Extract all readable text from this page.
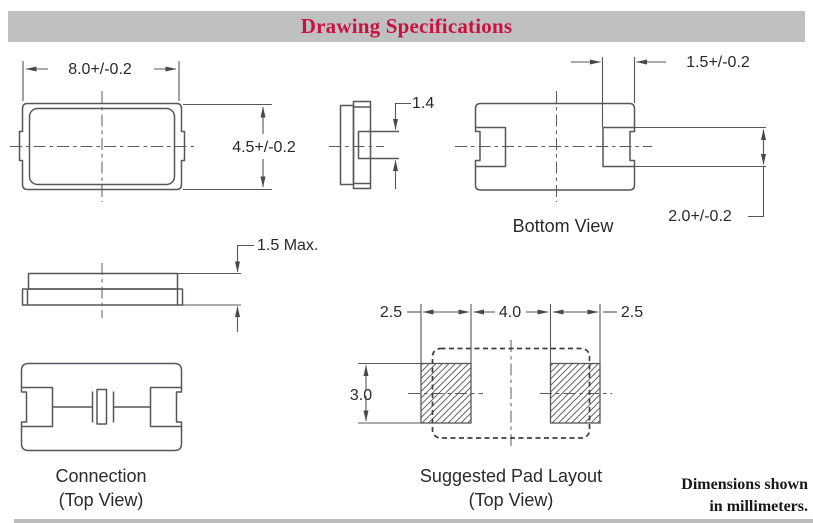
Drawing Specifications
8.0+/-0.2
4.5+/-0.2
1.4
1.5+/-0.2
2.0+/-0.2
1.5 Max.
2.5	4.0	2.5
3.0
Bottom View
Connection
(Top View)
Suggested Pad Layout
(Top View)
Dimensions shown
in millimeters.
